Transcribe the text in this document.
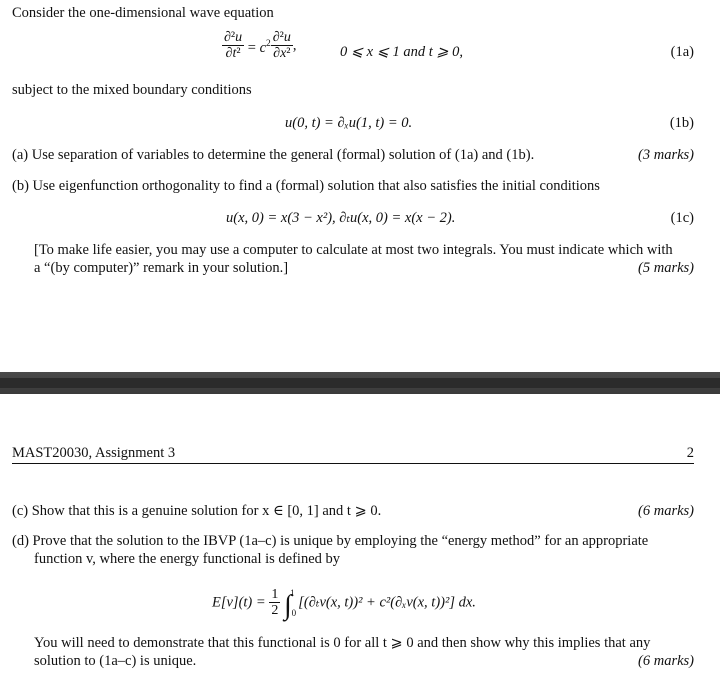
Consider the one-dimensional wave equation
$\frac{\text{∂²u}}{\text{∂t²}} = c^2 \frac{\text{∂²u}}{\text{∂x²}}$ ,	0 ⩽ x ⩽ 1 and t ⩾ 0,	(1a)
subject to the mixed boundary conditions
u(0, t) = ∂ₓu(1, t) = 0.	(1b)
(a) Use separation of variables to determine the general (formal) solution of (1a) and (1b).	(3 marks)
(b) Use eigenfunction orthogonality to find a (formal) solution that also satisfies the initial conditions
u(x, 0) = x(3 − x²), ∂ₜu(x, 0) = x(x − 2).	(1c)
[To make life easier, you may use a computer to calculate at most two integrals. You must indicate which with
a “(by computer)” remark in your solution.]	(5 marks)
MAST20030, Assignment 3	2
(c) Show that this is a genuine solution for x ∈ [0, 1] and t ⩾ 0.	(6 marks)
(d) Prove that the solution to the IBVP (1a–c) is unique by employing the “energy method” for an appropriate
function v, where the energy functional is defined by
$E[v](t) = \frac{1}{2} \int_0^1$ [(∂ₜv(x, t))² + c²(∂ₓv(x, t))²] dx.
You will need to demonstrate that this functional is 0 for all t ⩾ 0 and then show why this implies that any
solution to (1a–c) is unique.	(6 marks)
